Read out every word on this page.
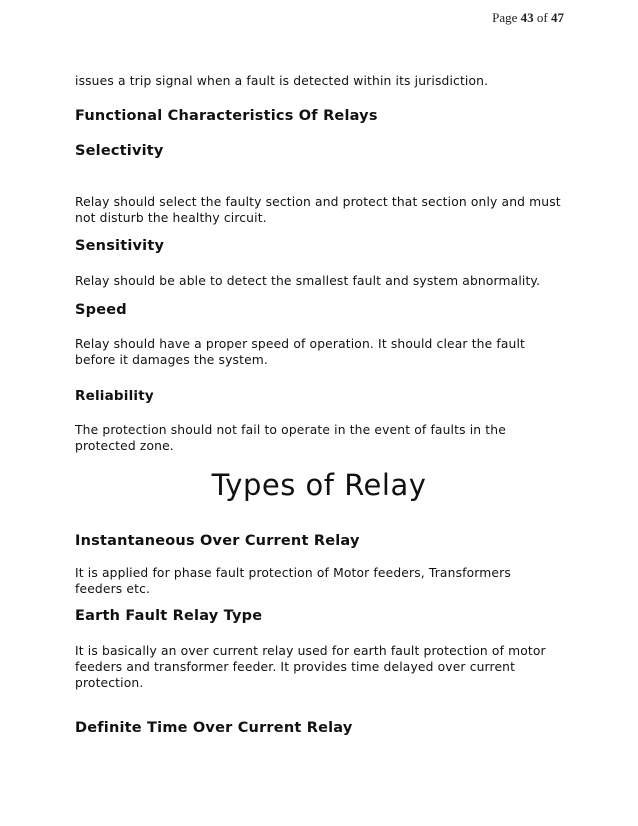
Page 43 of 47
issues a trip signal when a fault is detected within its jurisdiction.
Functional Characteristics Of Relays
Selectivity
Relay should select the faulty section and protect that section only and must
not disturb the healthy circuit.
Sensitivity
Relay should be able to detect the smallest fault and system abnormality.
Speed
Relay should have a proper speed of operation. It should clear the fault
before it damages the system.
Reliability
The protection should not fail to operate in the event of faults in the
protected zone.
Types of Relay
Instantaneous Over Current Relay
It is applied for phase fault protection of Motor feeders, Transformers
feeders etc.
Earth Fault Relay Type
It is basically an over current relay used for earth fault protection of motor
feeders and transformer feeder. It provides time delayed over current
protection.
Definite Time Over Current Relay
